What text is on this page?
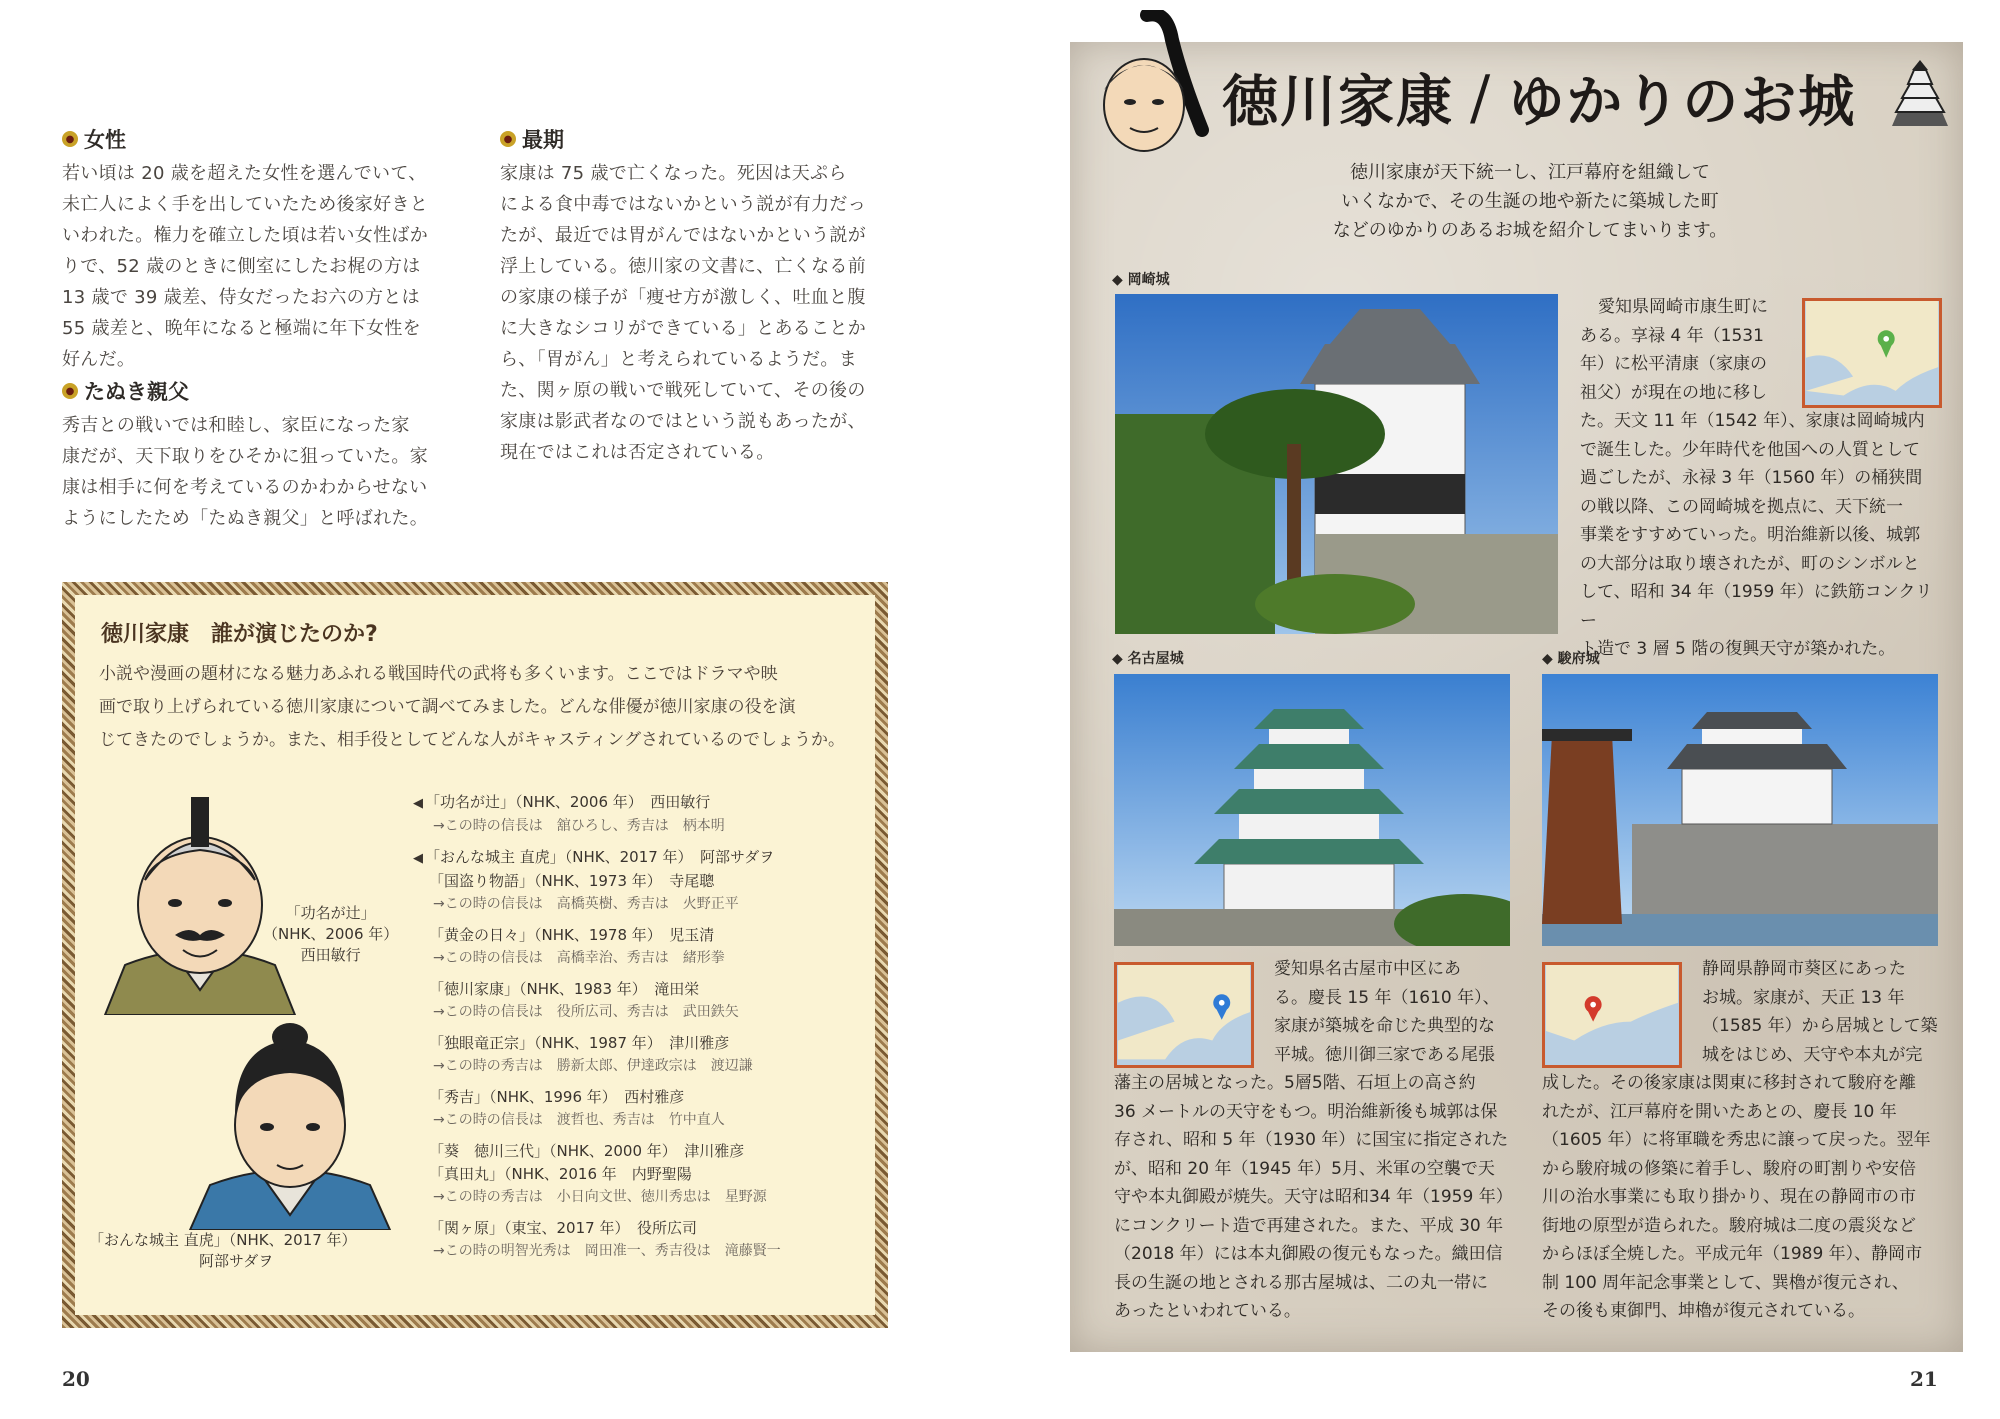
● 女性
若い頃は 20 歳を超えた女性を選んでいて、
未亡人によく手を出していたため後家好きと
いわれた。権力を確立した頃は若い女性ばか
りで、52 歳のときに側室にしたお梶の方は
13 歳で 39 歳差、侍女だったお六の方とは
55 歳差と、晩年になると極端に年下女性を
好んだ。
● たぬき親父
秀吉との戦いでは和睦し、家臣になった家
康だが、天下取りをひそかに狙っていた。家
康は相手に何を考えているのかわからせない
ようにしたため「たぬき親父」と呼ばれた。
● 最期
家康は 75 歳で亡くなった。死因は天ぷら
による食中毒ではないかという説が有力だっ
たが、最近では胃がんではないかという説が
浮上している。徳川家の文書に、亡くなる前
の家康の様子が「痩せ方が激しく、吐血と腹
に大きなシコリができている」とあることか
ら、「胃がん」と考えられているようだ。ま
た、関ヶ原の戦いで戦死していて、その後の
家康は影武者なのではという説もあったが、
現在ではこれは否定されている。
徳川家康　誰が演じたのか?
小説や漫画の題材になる魅力あふれる戦国時代の武将も多くいます。ここではドラマや映
画で取り上げられている徳川家康について調べてみました。どんな俳優が徳川家康の役を演
じてきたのでしょうか。また、相手役としてどんな人がキャスティングされているのでしょうか。
「功名が辻」
（NHK、2006 年）
西田敏行
「おんな城主 直虎」（NHK、2017 年）
阿部サダヲ
◀ 「功名が辻」（NHK、2006 年）　西田敏行
→この時の信長は　舘ひろし、秀吉は　柄本明
◀ 「おんな城主 直虎」（NHK、2017 年）　阿部サダヲ
「国盗り物語」（NHK、1973 年）　寺尾聰
→この時の信長は　高橋英樹、秀吉は　火野正平
「黄金の日々」（NHK、1978 年）　児玉清
→この時の信長は　高橋幸治、秀吉は　緒形拳
「徳川家康」（NHK、1983 年）　滝田栄
→この時の信長は　役所広司、秀吉は　武田鉄矢
「独眼竜正宗」（NHK、1987 年）　津川雅彦
→この時の秀吉は　勝新太郎、伊達政宗は　渡辺謙
「秀吉」（NHK、1996 年）　西村雅彦
→この時の信長は　渡哲也、秀吉は　竹中直人
「葵　徳川三代」（NHK、2000 年）　津川雅彦
「真田丸」（NHK、2016 年　内野聖陽
→この時の秀吉は　小日向文世、徳川秀忠は　星野源
「関ヶ原」（東宝、2017 年）　役所広司
→この時の明智光秀は　岡田准一、秀吉役は　滝藤賢一
20
徳川家康 / ゆかりのお城
徳川家康が天下統一し、江戸幕府を組織して
いくなかで、その生誕の地や新たに築城した町
などのゆかりのあるお城を紹介してまいります。
◆ 岡崎城

愛知県岡崎市康生町に

ある。享禄 4 年（1531

年）に松平清康（家康の

祖父）が現在の地に移し

た。天文 11 年（1542 年）、家康は岡崎城内

で誕生した。少年時代を他国への人質として

過ごしたが、永禄 3 年（1560 年）の桶狭間

の戦以降、この岡崎城を拠点に、天下統一

事業をすすめていった。明治維新以後、城郭

の大部分は取り壊されたが、町のシンボルと

して、昭和 34 年（1959 年）に鉄筋コンクリー

ト造で 3 層 5 階の復興天守が築かれた。

◆ 名古屋城

愛知県名古屋市中区にあ

る。慶長 15 年（1610 年）、

家康が築城を命じた典型的な

平城。徳川御三家である尾張

藩主の居城となった。5層5階、石垣上の高さ約

36 メートルの天守をもつ。明治維新後も城郭は保

存され、昭和 5 年（1930 年）に国宝に指定された

が、昭和 20 年（1945 年）5月、米軍の空襲で天

守や本丸御殿が焼失。天守は昭和34 年（1959 年）

にコンクリート造で再建された。また、平成 30 年

（2018 年）には本丸御殿の復元もなった。織田信

長の生誕の地とされる那古屋城は、二の丸一帯に

あったといわれている。

◆ 駿府城

静岡県静岡市葵区にあった

お城。家康が、天正 13 年

（1585 年）から居城として築

城をはじめ、天守や本丸が完

成した。その後家康は関東に移封されて駿府を離

れたが、江戸幕府を開いたあとの、慶長 10 年

（1605 年）に将軍職を秀忠に譲って戻った。翌年

から駿府城の修築に着手し、駿府の町割りや安倍

川の治水事業にも取り掛かり、現在の静岡市の市

街地の原型が造られた。駿府城は二度の震災など

からほぼ全焼した。平成元年（1989 年）、静岡市

制 100 周年記念事業として、巽櫓が復元され、

その後も東御門、坤櫓が復元されている。

21
